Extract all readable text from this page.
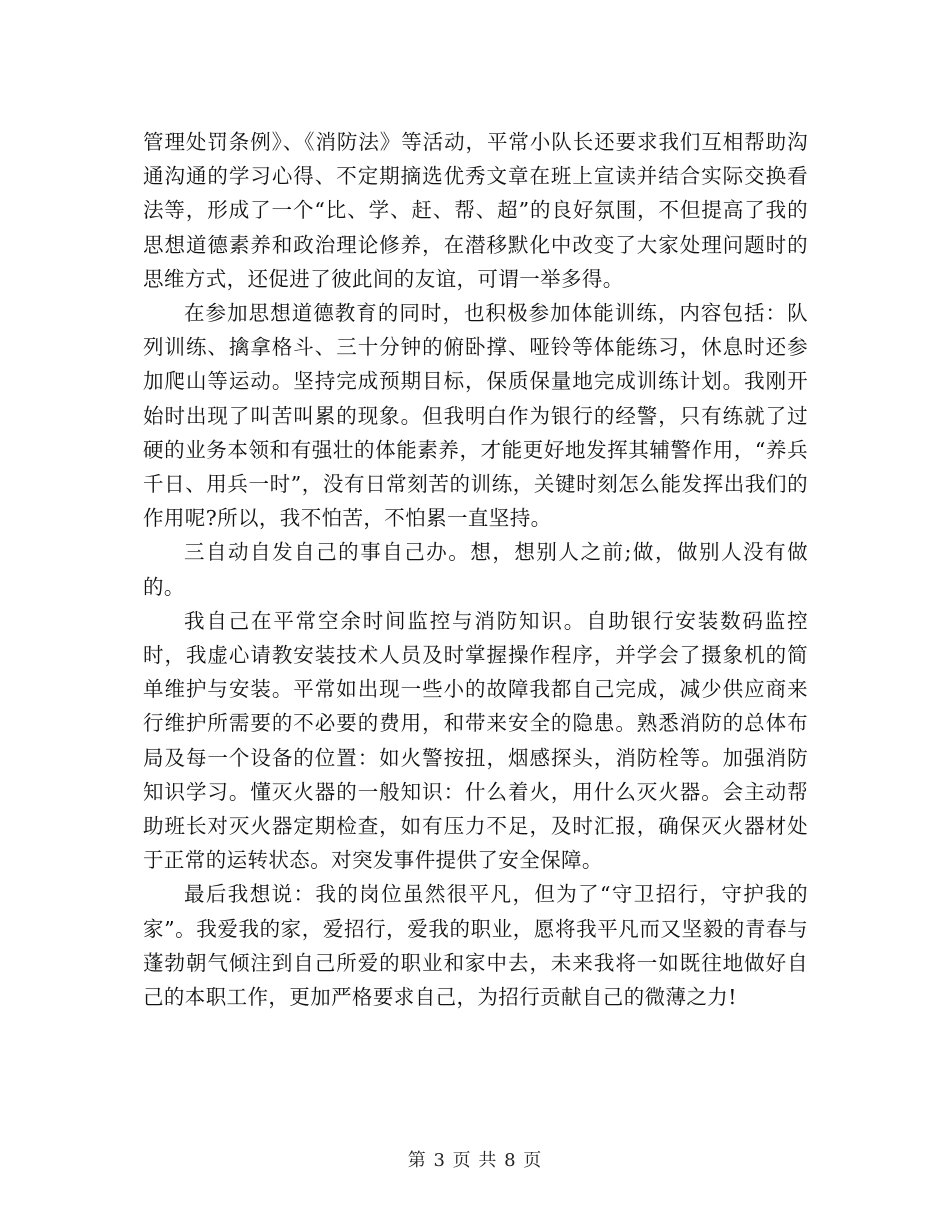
管理处罚条例》、《消防法》等活动，平常小队长还要求我们互相帮助沟通沟通的学习心得、不定期摘选优秀文章在班上宣读并结合实际交换看法等，形成了一个“比、学、赶、帮、超”的良好氛围，不但提高了我的思想道德素养和政治理论修养，在潜移默化中改变了大家处理问题时的思维方式，还促进了彼此间的友谊，可谓一举多得。

在参加思想道德教育的同时，也积极参加体能训练，内容包括：队列训练、擒拿格斗、三十分钟的俯卧撑、哑铃等体能练习，休息时还参加爬山等运动。坚持完成预期目标，保质保量地完成训练计划。我刚开始时出现了叫苦叫累的现象。但我明白作为银行的经警，只有练就了过硬的业务本领和有强壮的体能素养，才能更好地发挥其辅警作用，“养兵千日、用兵一时”，没有日常刻苦的训练，关键时刻怎么能发挥出我们的作用呢?所以，我不怕苦，不怕累一直坚持。

三自动自发自己的事自己办。想，想别人之前;做，做别人没有做的。

我自己在平常空余时间监控与消防知识。自助银行安装数码监控时，我虚心请教安装技术人员及时掌握操作程序，并学会了摄象机的简单维护与安装。平常如出现一些小的故障我都自己完成，减少供应商来行维护所需要的不必要的费用，和带来安全的隐患。熟悉消防的总体布局及每一个设备的位置：如火警按扭，烟感探头，消防栓等。加强消防知识学习。懂灭火器的一般知识：什么着火，用什么灭火器。会主动帮助班长对灭火器定期检查，如有压力不足，及时汇报，确保灭火器材处于正常的运转状态。对突发事件提供了安全保障。

最后我想说：我的岗位虽然很平凡，但为了“守卫招行，守护我的家”。我爱我的家，爱招行，爱我的职业，愿将我平凡而又坚毅的青春与蓬勃朝气倾注到自己所爱的职业和家中去，未来我将一如既往地做好自己的本职工作，更加严格要求自己，为招行贡献自己的微薄之力!

第 3 页 共 8 页
